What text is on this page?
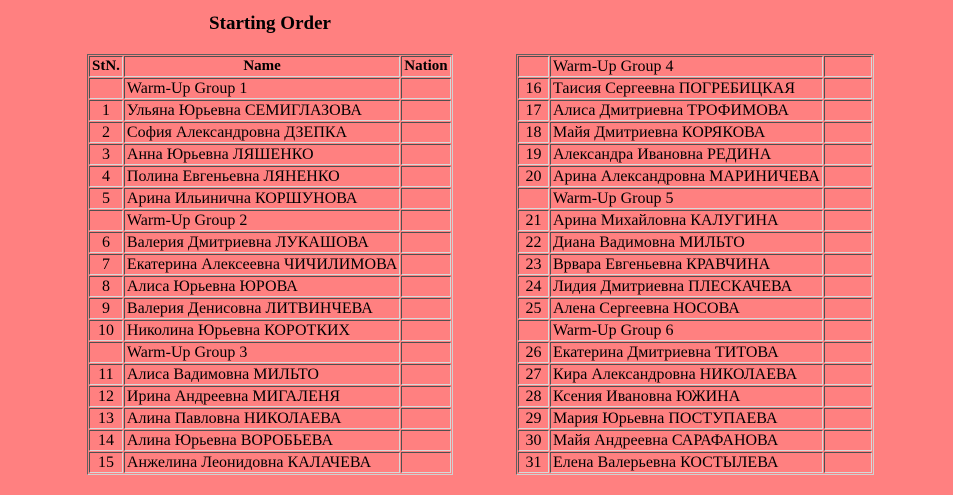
Starting Order
StN.	Name	Nation
	Warm-Up Group 1	
1	Ульяна Юрьевна СЕМИГЛАЗОВА	
2	София Александровна ДЗЕПКА	
3	Анна Юрьевна ЛЯШЕНКО	
4	Полина Евгеньевна ЛЯНЕНКО	
5	Арина Ильинична КОРШУНОВА	
	Warm-Up Group 2	
6	Валерия Дмитриевна ЛУКАШОВА	
7	Екатерина Алексеевна ЧИЧИЛИМОВА	
8	Алиса Юрьевна ЮРОВА	
9	Валерия Денисовна ЛИТВИНЧЕВА	
10	Николина Юрьевна КОРОТКИХ	
	Warm-Up Group 3	
11	Алиса Вадимовна МИЛЬТО	
12	Ирина Андреевна МИГАЛЕНЯ	
13	Алина Павловна НИКОЛАЕВА	
14	Алина Юрьевна ВОРОБЬЕВА	
15	Анжелина Леонидовна КАЛАЧЕВА	
	Warm-Up Group 4	
16	Таисия Сергеевна ПОГРЕБИЦКАЯ	
17	Алиса Дмитриевна ТРОФИМОВА	
18	Майя Дмитриевна КОРЯКОВА	
19	Александра Ивановна РЕДИНА	
20	Арина Александровна МАРИНИЧЕВА	
	Warm-Up Group 5	
21	Арина Михайловна КАЛУГИНА	
22	Диана Вадимовна МИЛЬТО	
23	Врвара Евгеньевна КРАВЧИНА	
24	Лидия Дмитриевна ПЛЕСКАЧЕВА	
25	Алена Сергеевна НОСОВА	
	Warm-Up Group 6	
26	Екатерина Дмитриевна ТИТОВА	
27	Кира Александровна НИКОЛАЕВА	
28	Ксения Ивановна ЮЖИНА	
29	Мария Юрьевна ПОСТУПАЕВА	
30	Майя Андреевна САРАФАНОВА	
31	Елена Валерьевна КОСТЫЛЕВА	
